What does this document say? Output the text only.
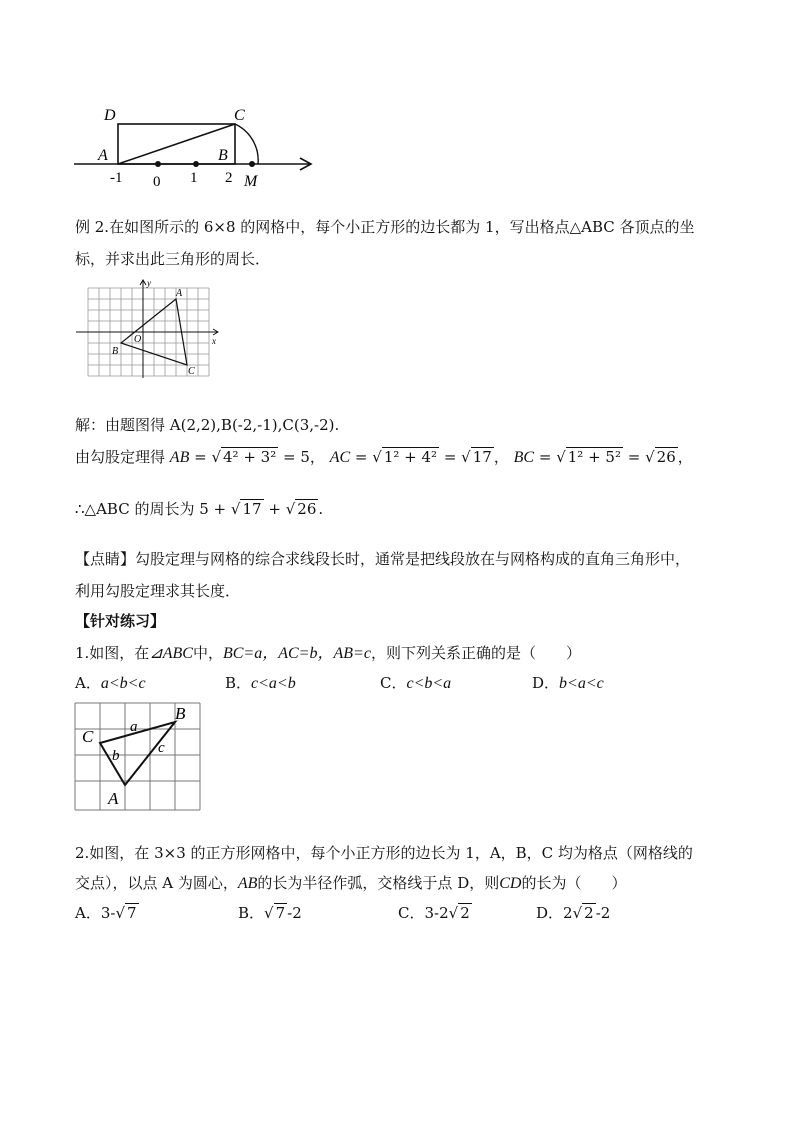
D	C
A	B
M
-1 0 1 2
例 2.在如图所示的 6×8 的网格中，每个小正方形的边长都为 1，写出格点△ABC 各顶点的坐
标，并求出此三角形的周长．
y
x
A
O
B
C
解：由题图得 A(2,2),B(-2,-1),C(3,-2).
由勾股定理得 AB = √ 4² + 3² = 5， AC = √ 1² + 4² = √ 17 ， BC = √ 1² + 5² = √ 26 ，
∴△ABC 的周长为 5 + √ 17 + √ 26 .
【点睛】勾股定理与网格的综合求线段长时，通常是把线段放在与网格构成的直角三角形中，
利用勾股定理求其长度．
【针对练习】
1.如图，在⊿ABC中，BC=a，AC=b，AB=c，则下列关系正确的是（　　）
A．a<b<c	B．c<a<b	C．c<b<a	D．b<a<c
C
B
A
a
b	c
2.如图，在 3×3 的正方形网格中，每个小正方形的边长为 1，A，B，C 均为格点（网格线的
交点），以点 A 为圆心，AB的长为半径作弧，交格线于点 D，则CD的长为（　　）
A．3-√ 7	B．√ 7 -2	C．3-2√ 2	D．2√ 2 -2
